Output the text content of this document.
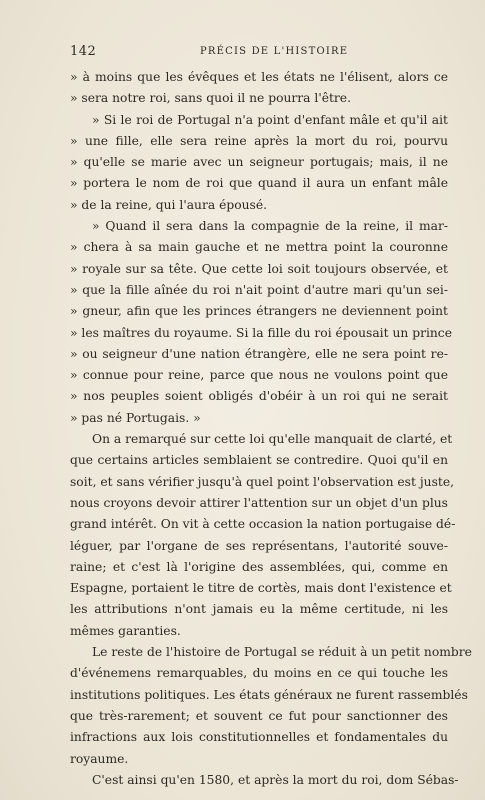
142	PRÉCIS DE L'HISTOIRE
» à moins que les évêques et les états ne l'élisent, alors ce
» sera notre roi, sans quoi il ne pourra l'être.
» Si le roi de Portugal n'a point d'enfant mâle et qu'il ait
» une fille, elle sera reine après la mort du roi, pourvu
» qu'elle se marie avec un seigneur portugais; mais, il ne
» portera le nom de roi que quand il aura un enfant mâle
» de la reine, qui l'aura épousé.
» Quand il sera dans la compagnie de la reine, il mar-
» chera à sa main gauche et ne mettra point la couronne
» royale sur sa tête. Que cette loi soit toujours observée, et
» que la fille aînée du roi n'ait point d'autre mari qu'un sei-
» gneur, afin que les princes étrangers ne deviennent point
» les maîtres du royaume. Si la fille du roi épousait un prince
» ou seigneur d'une nation étrangère, elle ne sera point re-
» connue pour reine, parce que nous ne voulons point que
» nos peuples soient obligés d'obéir à un roi qui ne serait
» pas né Portugais. »
On a remarqué sur cette loi qu'elle manquait de clarté, et
que certains articles semblaient se contredire. Quoi qu'il en
soit, et sans vérifier jusqu'à quel point l'observation est juste,
nous croyons devoir attirer l'attention sur un objet d'un plus
grand intérêt. On vit à cette occasion la nation portugaise dé-
léguer, par l'organe de ses représentans, l'autorité souve-
raine; et c'est là l'origine des assemblées, qui, comme en
Espagne, portaient le titre de cortès, mais dont l'existence et
les attributions n'ont jamais eu la même certitude, ni les
mêmes garanties.
Le reste de l'histoire de Portugal se réduit à un petit nombre
d'événemens remarquables, du moins en ce qui touche les
institutions politiques. Les états généraux ne furent rassemblés
que très-rarement; et souvent ce fut pour sanctionner des
infractions aux lois constitutionnelles et fondamentales du
royaume.
C'est ainsi qu'en 1580, et après la mort du roi, dom Sébas-
